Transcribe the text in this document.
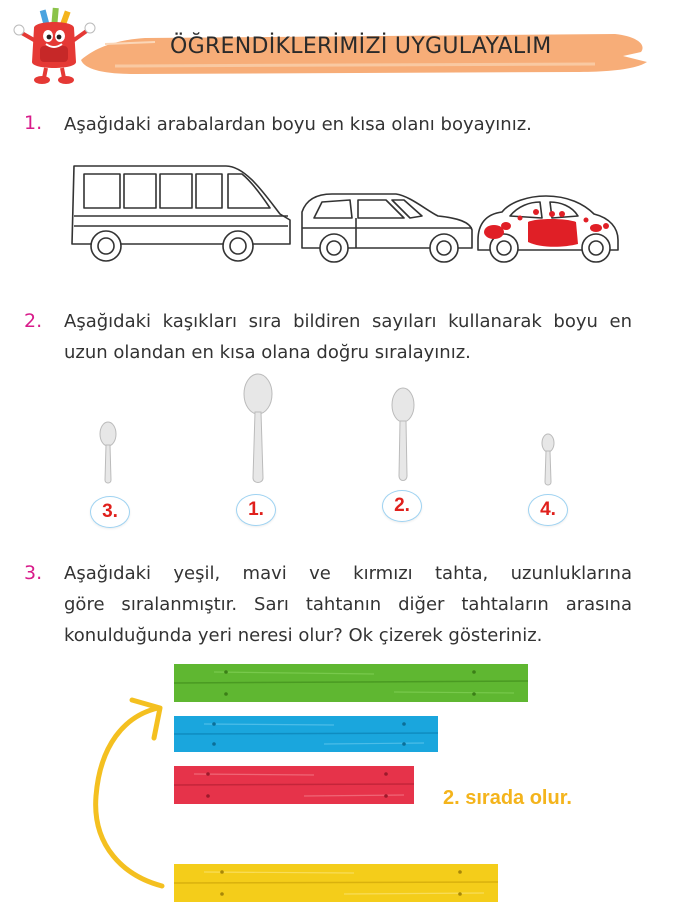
ÖĞRENDİKLERİMİZİ UYGULAYALIM
1. Aşağıdaki arabalardan boyu en kısa olanı boyayınız.
2. Aşağıdaki kaşıkları sıra bildiren sayıları kullanarak boyu en
uzun olandan en kısa olana doğru sıralayınız.
3.	1.	2.	4.
3. Aşağıdaki yeşil, mavi ve kırmızı tahta, uzunluklarına
göre sıralanmıştır. Sarı tahtanın diğer tahtaların arasına
konulduğunda yeri neresi olur? Ok çizerek gösteriniz.
2. sırada olur.
